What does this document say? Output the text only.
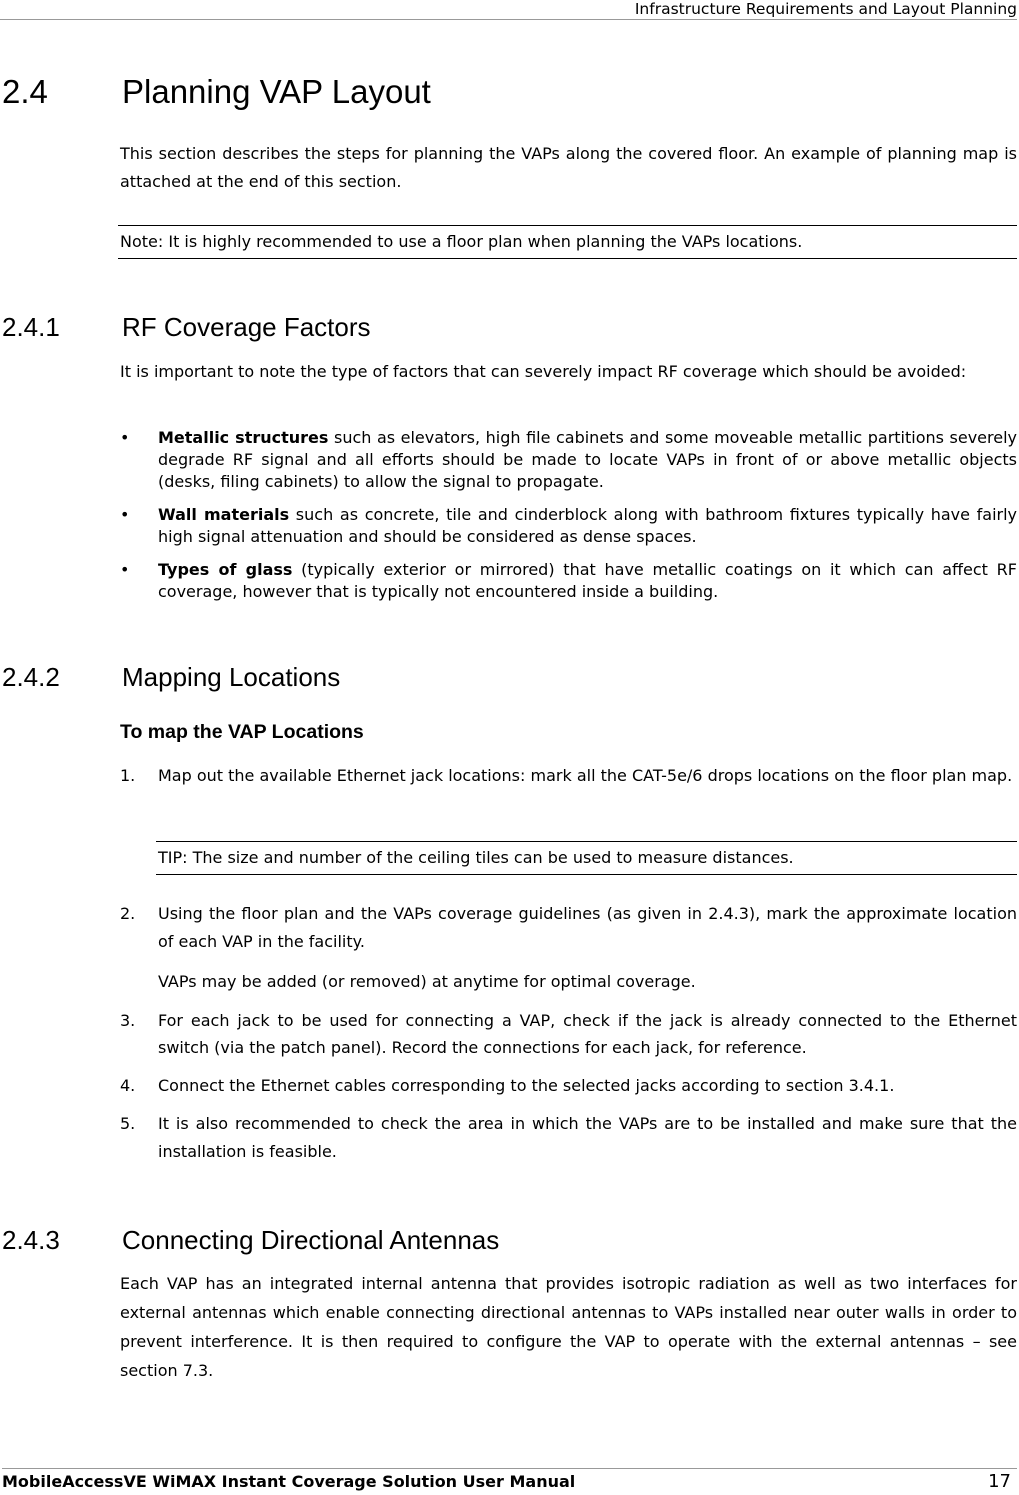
Infrastructure Requirements and Layout Planning
2.4 Planning VAP Layout
This section describes the steps for planning the VAPs along the covered floor. An example of planning map is attached at the end of this section.
Note: It is highly recommended to use a floor plan when planning the VAPs locations.
2.4.1 RF Coverage Factors
It is important to note the type of factors that can severely impact RF coverage which should be avoided:
• Metallic structures such as elevators, high file cabinets and some moveable metallic partitions severely degrade RF signal and all efforts should be made to locate VAPs in front of or above metallic objects (desks, filing cabinets) to allow the signal to propagate.
• Wall materials such as concrete, tile and cinderblock along with bathroom fixtures typically have fairly high signal attenuation and should be considered as dense spaces.
• Types of glass (typically exterior or mirrored) that have metallic coatings on it which can affect RF coverage, however that is typically not encountered inside a building.
2.4.2 Mapping Locations
To map the VAP Locations
1. Map out the available Ethernet jack locations: mark all the CAT-5e/6 drops locations on the floor plan map.
TIP: The size and number of the ceiling tiles can be used to measure distances.
2. Using the floor plan and the VAPs coverage guidelines (as given in 2.4.3), mark the approximate location of each VAP in the facility.
VAPs may be added (or removed) at anytime for optimal coverage.
3. For each jack to be used for connecting a VAP, check if the jack is already connected to the Ethernet switch (via the patch panel). Record the connections for each jack, for reference.
4. Connect the Ethernet cables corresponding to the selected jacks according to section 3.4.1.
5. It is also recommended to check the area in which the VAPs are to be installed and make sure that the installation is feasible.
2.4.3 Connecting Directional Antennas
Each VAP has an integrated internal antenna that provides isotropic radiation as well as two interfaces for external antennas which enable connecting directional antennas to VAPs installed near outer walls in order to prevent interference. It is then required to configure the VAP to operate with the external antennas – see section 7.3.
MobileAccessVE WiMAX Instant Coverage Solution User Manual	17
